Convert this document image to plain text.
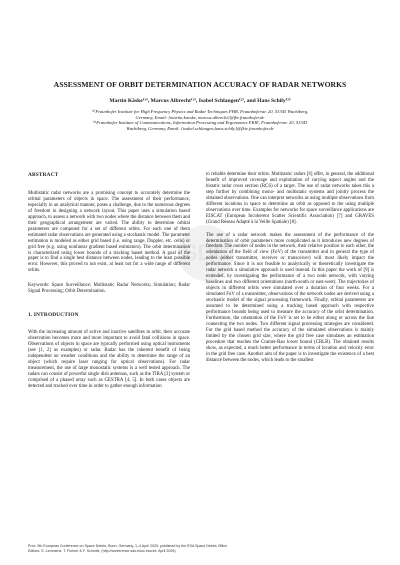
ASSESSMENT OF ORBIT DETERMINATION ACCURACY OF RADAR NETWORKS
Martin Käske⁽¹⁾, Marcus Albrecht⁽¹⁾, Isabel Schlangen⁽²⁾, and Hans Schily⁽²⁾

⁽¹⁾Fraunhofer Institute for High Frequency Physics and Radar Techniques FHR, Fraunhoferstr. 20, 53343 Wachtberg,

Germany, Email: {martin.kaeske, marcus.albrecht}@fhr.fraunhofer.de

⁽²⁾Fraunhofer Institute of Communications, Information Processing and Ergonomics FKIE, Fraunhoferstr. 20, 53343

Wachtberg, Germany, Email: {isabel.schlangen,hans.schily}@fkie.fraunhofer.de

SDC
ABSTRACT
Multistatic radar networks are a promising concept to accurately determine the orbital parameters of objects in space. The assessment of their performance, especially in an analytical manner, poses a challenge, due to the numerous degrees of freedom in designing a network layout. This paper uses a simulation based approach, to assess a network with two nodes where the distance between them and their geographical arrangement are varied. The ability to determine orbital parameters are computed for a set of different orbits. For each one of them estimated radar observations are generated using a stochastic model. The parameter estimation is modeled as either grid based (i.e. using range, Doppler, etc. cells) or grid free (e.g. using nonlinear gradient based estimators). The orbit determination is characterized using lower bounds of a tracking based method. A goal of the paper is to find a single best distance between nodes, leading to the least possible error. However, this proved to not exist, at least not for a wide range of different orbits.
Keywords: Space Surveillance; Multistatic Radar Networks; Simulation; Radar Signal Processing; Orbit Determination.
1. INTRODUCTION
With the increasing amount of active and inactive satellites in orbit, their accurate observation becomes more and more important to avoid fatal collisions in space. Observations of objects in space are typically performed using optical instruments (see [1, 2] as examples) or radar. Radar has the inherent benefit of being independent on weather conditions and the ability to determine the range of an object (which require laser ranging for optical observations). For radar measurement, the use of large monostatic systems is a well tested approach. The radars can consist of powerful single dish antennas, such as the TIRA [3] system or comprised of a phased array such as GESTRA [4, 5]. In both cases objects are detected and tracked over time in order to gather enough information
to reliable determine their orbits. Multistatic radars [6] offer, in general, the additional benefit of improved coverage and exploitation of varying aspect angles and the bistatic radar cross section (RCS) of a target. The use of radar networks takes this a step further by combining mono- and multistatic systems and jointly process the obtained observations. One can interpret networks as using multiple observations from different locations in space to determine an orbit as opposed to the using multiple observations over time. Examples for networks for space surveillance applications are EISCAT (European Incoherent Scatter Scientific Association) [7] and GRAVES (Grand Réseau Adapté à la Veille Spatiale) [8].
The use of a radar network makes the assessment of the performance of the determination of orbit parameters more complicated as it introduces new degrees of freedom. The number of nodes in the network, their relative position to each other, the orientation of the field of view (FoV) of the transmitter and in general the type of nodes (either transmitter, receiver or transceiver) will most likely impact the performance. Since it is not feasible to analytically or theoretically investigate the radar network a simulative approach is used instead. In this paper the work of [9] is extended, by investigating the performance of a two node network, with varying baselines and two different orientations (north-south or east-west). The trajectories of objects in different orbits were simulated over a duration of four weeks. For a simulated FoV of a transmitter, observations of the network nodes are derived using a stochastic model of the signal processing framework. Finally, orbital parameters are assumed to be determined using a tracking based approach with respective performance bounds being used to measure the accuracy of the orbit determination. Furthermore, the orientation of the FoV is set to be either along or across the line connecting the two nodes. Two different signal processing strategies are considered. For the grid based method the accuracy of the simulated observations is mainly limited by the chosen grid size, where the grid free case simulates an estimation procedure that reaches the Cramer-Rao lower bound (CRLB). The obtained results show, as expected, a much better performance in terms of location and velocity error in the grid free case. Another aim of the paper is to investigate the existence of a best distance between the nodes, which leads to the smallest
Proc. 9th European Conference on Space Debris, Bonn, Germany, 1–4 April 2025, published by the ESA Space Debris Office
Editors: S. Lemmens, T. Flohrer & F. Schmitz, (http://conference.sdo.esoc.esa.int, April 2025)
